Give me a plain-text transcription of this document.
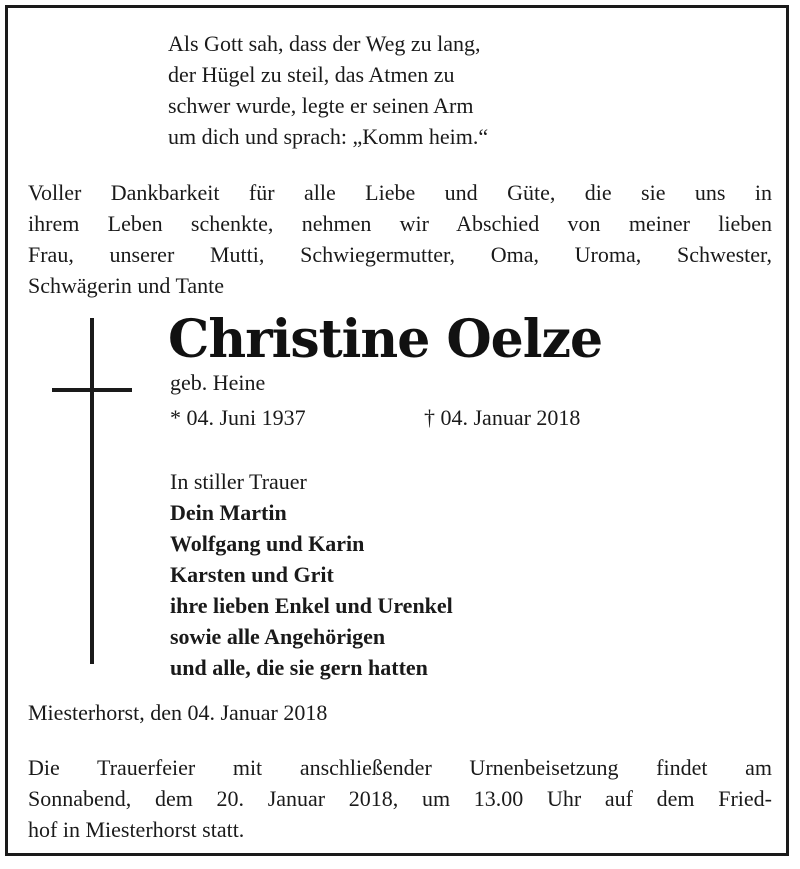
Als Gott sah, dass der Weg zu lang,
der Hügel zu steil, das Atmen zu
schwer wurde, legte er seinen Arm
um dich und sprach: „Komm heim.“
Voller Dankbarkeit für alle Liebe und Güte, die sie uns in
ihrem Leben schenkte, nehmen wir Abschied von meiner lieben
Frau, unserer Mutti, Schwiegermutter, Oma, Uroma, Schwester,
Schwägerin und Tante
Christine Oelze
geb. Heine
* 04. Juni 1937	† 04. Januar 2018
In stiller Trauer
Dein Martin
Wolfgang und Karin
Karsten und Grit
ihre lieben Enkel und Urenkel
sowie alle Angehörigen
und alle, die sie gern hatten
Miesterhorst, den 04. Januar 2018
Die Trauerfeier mit anschließender Urnenbeisetzung findet am
Sonnabend, dem 20. Januar 2018, um 13.00 Uhr auf dem Fried-
hof in Miesterhorst statt.
